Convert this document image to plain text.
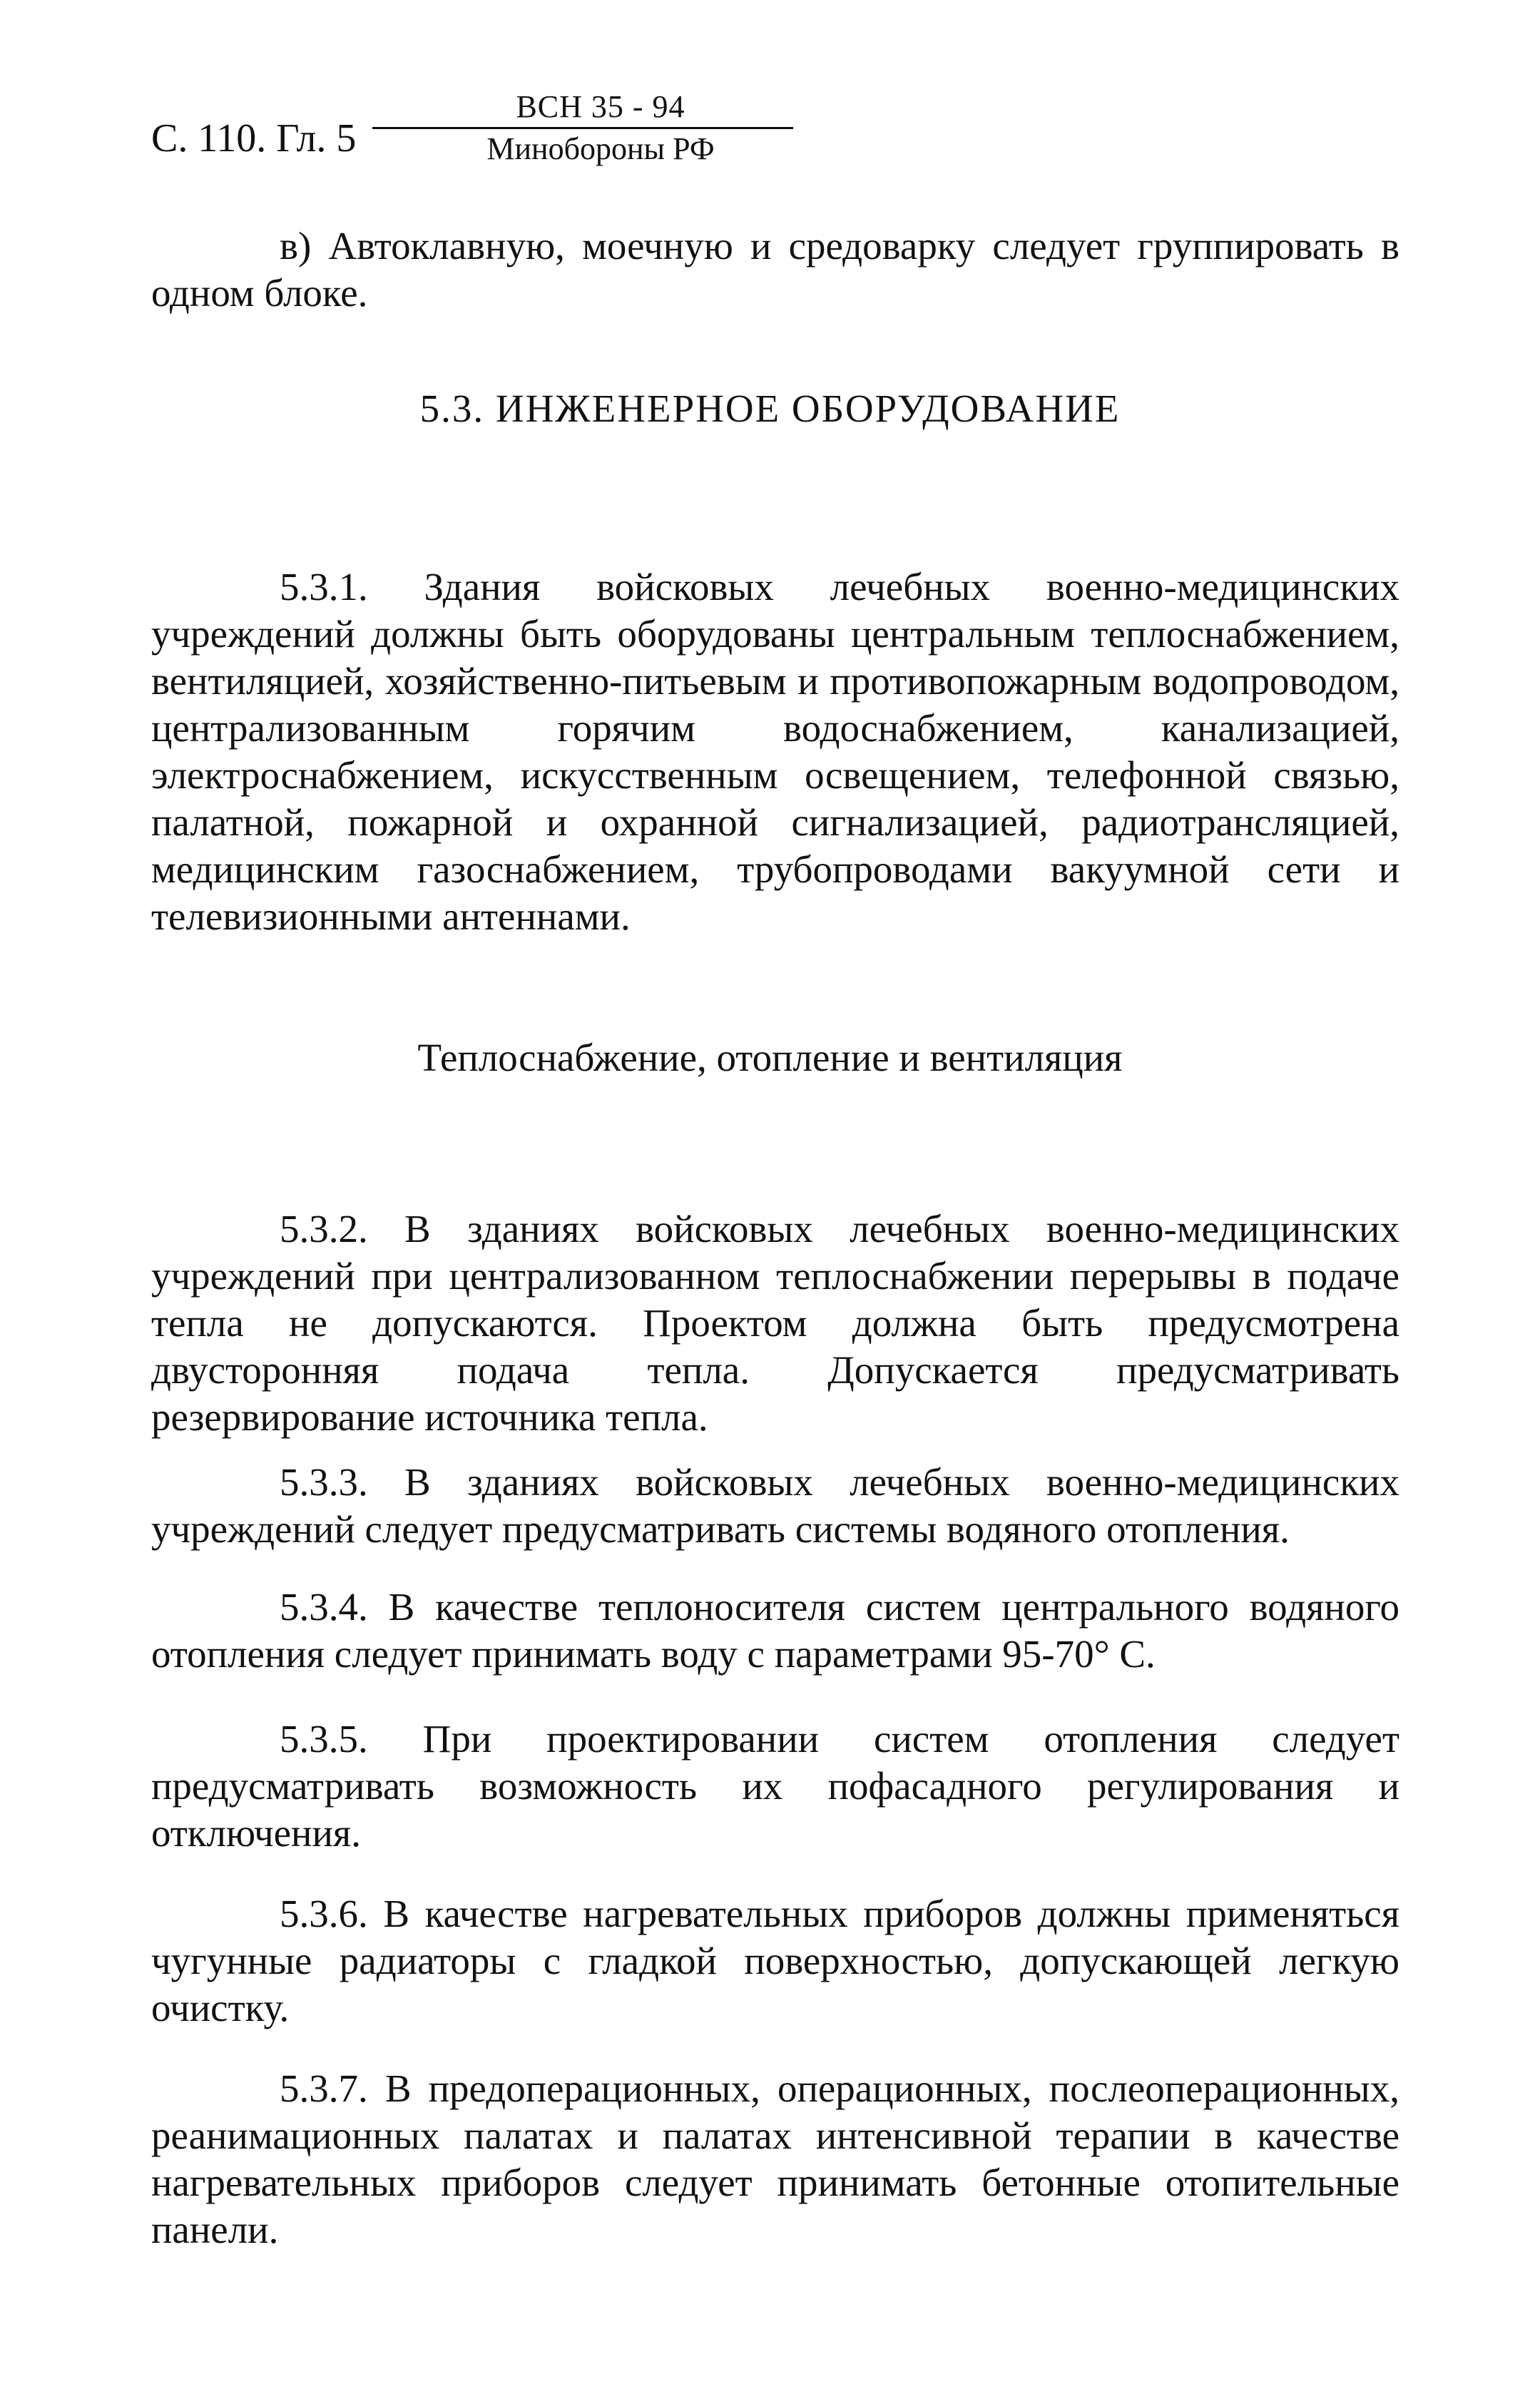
С. 110. Гл. 5
ВСН 35 - 94
Минобороны РФ
в) Автоклавную, моечную и средоварку следует группировать в одном блоке.
5.3. ИНЖЕНЕРНОЕ ОБОРУДОВАНИЕ
5.3.1. Здания войсковых лечебных военно-медицинских учреждений должны быть оборудованы центральным теплоснабжением, вентиляцией, хозяйственно-питьевым и противопожарным водопроводом, централизованным горячим водоснабжением, канализацией, электроснабжением, искусственным освещением, телефонной связью, палатной, пожарной и охранной сигнализацией, радиотрансляцией, медицинским газоснабжением, трубопроводами вакуумной сети и телевизионными антеннами.
Теплоснабжение, отопление и вентиляция
5.3.2. В зданиях войсковых лечебных военно-медицинских учреждений при централизованном теплоснабжении перерывы в подаче тепла не допускаются. Проектом должна быть предусмотрена двусторонняя подача тепла. Допускается предусматривать резервирование источника тепла.
5.3.3. В зданиях войсковых лечебных военно-медицинских учреждений следует предусматривать системы водяного отопления.
5.3.4. В качестве теплоносителя систем центрального водяного отопления следует принимать воду с параметрами 95-70° С.
5.3.5. При проектировании систем отопления следует предусматривать возможность их пофасадного регулирования и отключения.
5.3.6. В качестве нагревательных приборов должны применяться чугунные радиаторы с гладкой поверхностью, допускающей легкую очистку.
5.3.7. В предоперационных, операционных, послеоперационных, реанимационных палатах и палатах интенсивной терапии в качестве нагревательных приборов следует принимать бетонные отопительные панели.
